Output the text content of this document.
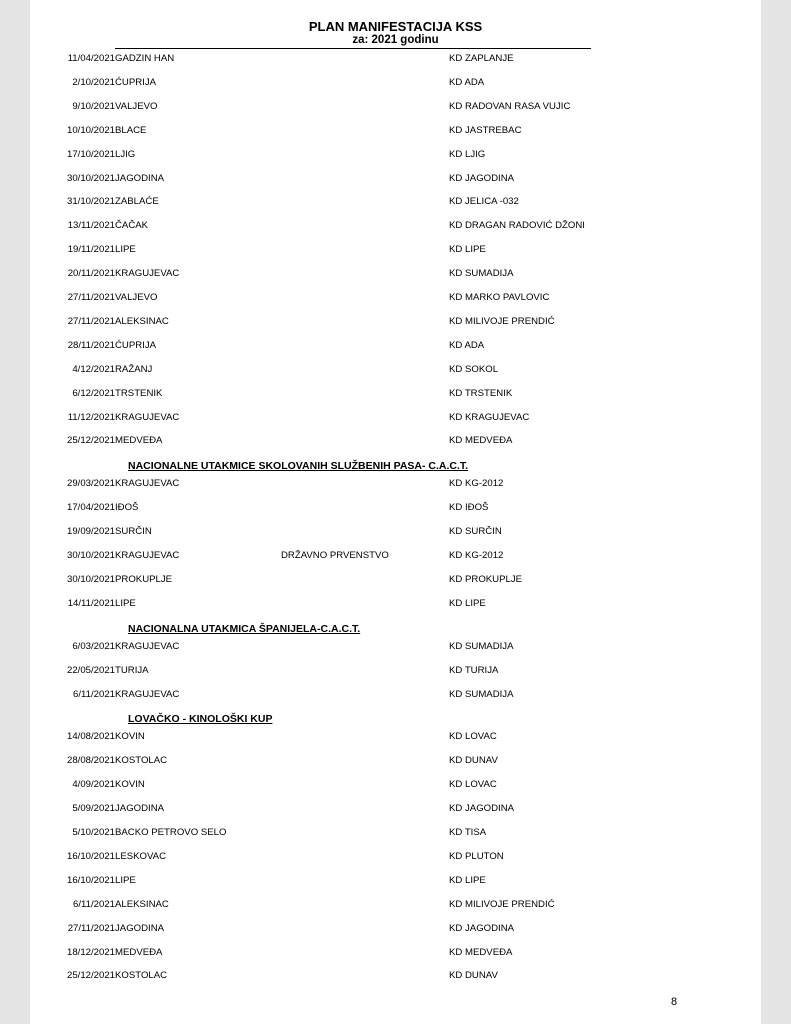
PLAN MANIFESTACIJA KSS
za: 2021 godinu
11/04/2021 GADZIN HAN	KD ZAPLANJE
2/10/2021 ĆUPRIJA	KD ADA
9/10/2021 VALJEVO	KD RADOVAN RASA VUJIC
10/10/2021 BLACE	KD JASTREBAC
17/10/2021 LJIG	KD LJIG
30/10/2021 JAGODINA	KD JAGODINA
31/10/2021 ZABLAĆE	KD JELICA -032
13/11/2021 ČAČAK	KD DRAGAN RADOVIĆ DŽONI
19/11/2021 LIPE	KD LIPE
20/11/2021 KRAGUJEVAC	KD SUMADIJA
27/11/2021 VALJEVO	KD MARKO PAVLOVIC
27/11/2021 ALEKSINAC	KD MILIVOJE PRENDIĆ
28/11/2021 ĆUPRIJA	KD ADA
4/12/2021 RAŽANJ	KD SOKOL
6/12/2021 TRSTENIK	KD TRSTENIK
11/12/2021 KRAGUJEVAC	KD KRAGUJEVAC
25/12/2021 MEDVEĐA	KD MEDVEĐA
NACIONALNE UTAKMICE SKOLOVANIH SLUŽBENIH PASA- C.A.C.T.
29/03/2021 KRAGUJEVAC	KD KG-2012
17/04/2021 IĐOŠ	KD IĐOŠ
19/09/2021 SURČIN	KD SURČIN
30/10/2021 KRAGUJEVAC	DRŽAVNO PRVENSTVO	KD KG-2012
30/10/2021 PROKUPLJE	KD PROKUPLJE
14/11/2021 LIPE	KD LIPE
NACIONALNA UTAKMICA ŠPANIJELA-C.A.C.T.
6/03/2021 KRAGUJEVAC	KD SUMADIJA
22/05/2021 TURIJA	KD TURIJA
6/11/2021 KRAGUJEVAC	KD SUMADIJA
LOVAČKO - KINOLOŠKI KUP
14/08/2021 KOVIN	KD LOVAC
28/08/2021 KOSTOLAC	KD DUNAV
4/09/2021 KOVIN	KD LOVAC
5/09/2021 JAGODINA	KD JAGODINA
5/10/2021 BACKO PETROVO SELO	KD TISA
16/10/2021 LESKOVAC	KD PLUTON
16/10/2021 LIPE	KD LIPE
6/11/2021 ALEKSINAC	KD MILIVOJE PRENDIĆ
27/11/2021 JAGODINA	KD JAGODINA
18/12/2021 MEDVEĐA	KD MEDVEĐA
25/12/2021 KOSTOLAC	KD DUNAV
8
